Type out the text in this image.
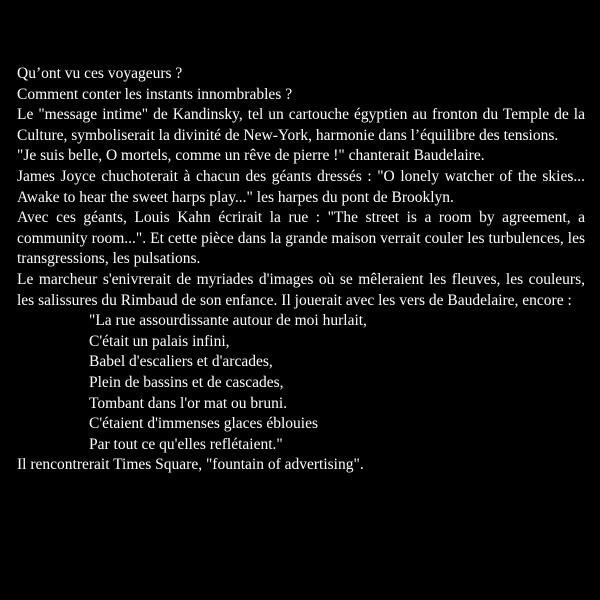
Qu’ont vu ces voyageurs ?

Comment conter les instants innombrables ?

Le "message intime" de Kandinsky, tel un cartouche égyptien au fronton du Temple de la Culture, symboliserait la divinité de New-York, harmonie dans l’équilibre des tensions.

"Je suis belle, O mortels, comme un rêve de pierre !" chanterait Baudelaire.

James Joyce chuchoterait à chacun des géants dressés : "O lonely watcher of the skies... Awake to hear the sweet harps play..." les harpes du pont de Brooklyn.

Avec ces géants, Louis Kahn écrirait la rue : "The street is a room by agreement, a community room...". Et cette pièce dans la grande maison verrait couler les turbulences, les transgressions, les pulsations.

Le marcheur s'enivrerait de myriades d'images où se mêleraient les fleuves, les couleurs, les salissures du Rimbaud de son enfance. Il jouerait avec les vers de Baudelaire, encore :

"La rue assourdissante autour de moi hurlait,
C'était un palais infini,
Babel d'escaliers et d'arcades,
Plein de bassins et de cascades,
Tombant dans l'or mat ou bruni.
C'étaient d'immenses glaces éblouies
Par tout ce qu'elles reflétaient."

Il rencontrerait Times Square, "fountain of advertising".
